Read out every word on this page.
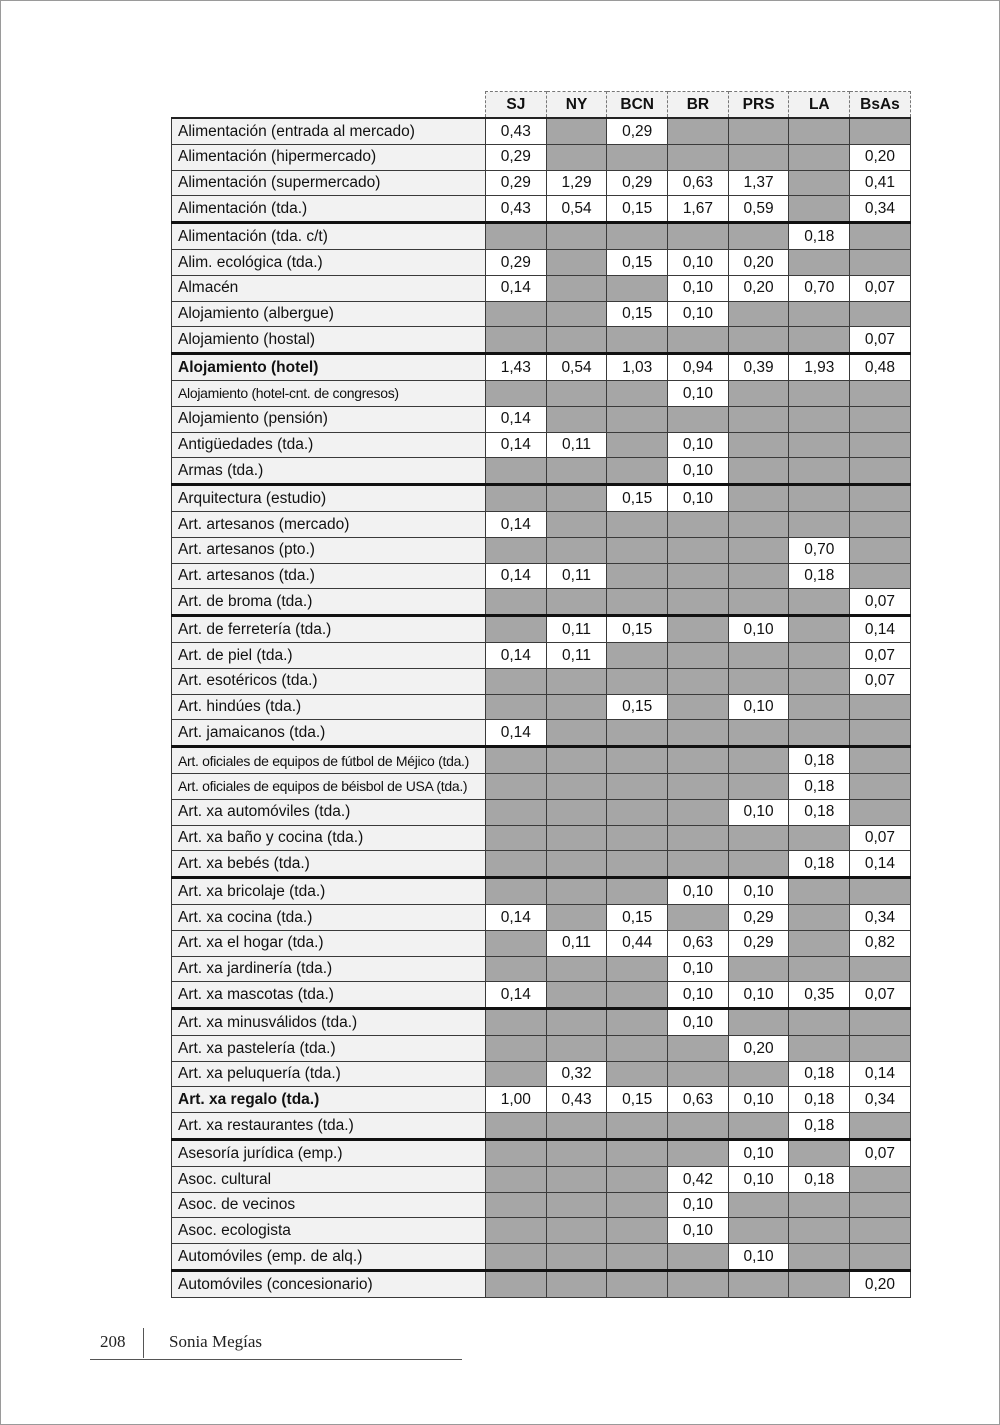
	SJ	NY	BCN	BR	PRS	LA	BsAs
Alimentación (entrada al mercado)	0,43		0,29				
Alimentación (hipermercado)	0,29						0,20
Alimentación (supermercado)	0,29	1,29	0,29	0,63	1,37		0,41
Alimentación (tda.)	0,43	0,54	0,15	1,67	0,59		0,34
Alimentación (tda. c/t)						0,18	
Alim. ecológica (tda.)	0,29		0,15	0,10	0,20		
Almacén	0,14			0,10	0,20	0,70	0,07
Alojamiento (albergue)			0,15	0,10			
Alojamiento (hostal)							0,07
Alojamiento (hotel)	1,43	0,54	1,03	0,94	0,39	1,93	0,48
Alojamiento (hotel-cnt. de congresos)				0,10			
Alojamiento (pensión)	0,14						
Antigüedades (tda.)	0,14	0,11		0,10			
Armas (tda.)				0,10			
Arquitectura (estudio)			0,15	0,10			
Art. artesanos (mercado)	0,14						
Art. artesanos (pto.)						0,70	
Art. artesanos (tda.)	0,14	0,11				0,18	
Art. de broma (tda.)							0,07
Art. de ferretería (tda.)		0,11	0,15		0,10		0,14
Art. de piel (tda.)	0,14	0,11					0,07
Art. esotéricos (tda.)							0,07
Art. hindúes (tda.)			0,15		0,10		
Art. jamaicanos (tda.)	0,14						
Art. oficiales de equipos de fútbol de Méjico (tda.)						0,18	
Art. oficiales de equipos de béisbol de USA (tda.)						0,18	
Art. xa automóviles (tda.)					0,10	0,18	
Art. xa baño y cocina (tda.)							0,07
Art. xa bebés (tda.)						0,18	0,14
Art. xa bricolaje (tda.)				0,10	0,10		
Art. xa cocina (tda.)	0,14		0,15		0,29		0,34
Art. xa el hogar (tda.)		0,11	0,44	0,63	0,29		0,82
Art. xa jardinería (tda.)				0,10			
Art. xa mascotas (tda.)	0,14			0,10	0,10	0,35	0,07
Art. xa minusválidos (tda.)				0,10			
Art. xa pastelería (tda.)					0,20		
Art. xa peluquería (tda.)		0,32				0,18	0,14
Art. xa regalo (tda.)	1,00	0,43	0,15	0,63	0,10	0,18	0,34
Art. xa restaurantes (tda.)						0,18	
Asesoría jurídica (emp.)					0,10		0,07
Asoc. cultural				0,42	0,10	0,18	
Asoc. de vecinos				0,10			
Asoc. ecologista				0,10			
Automóviles (emp. de alq.)					0,10		
Automóviles (concesionario)							0,20
208	Sonia Megías
